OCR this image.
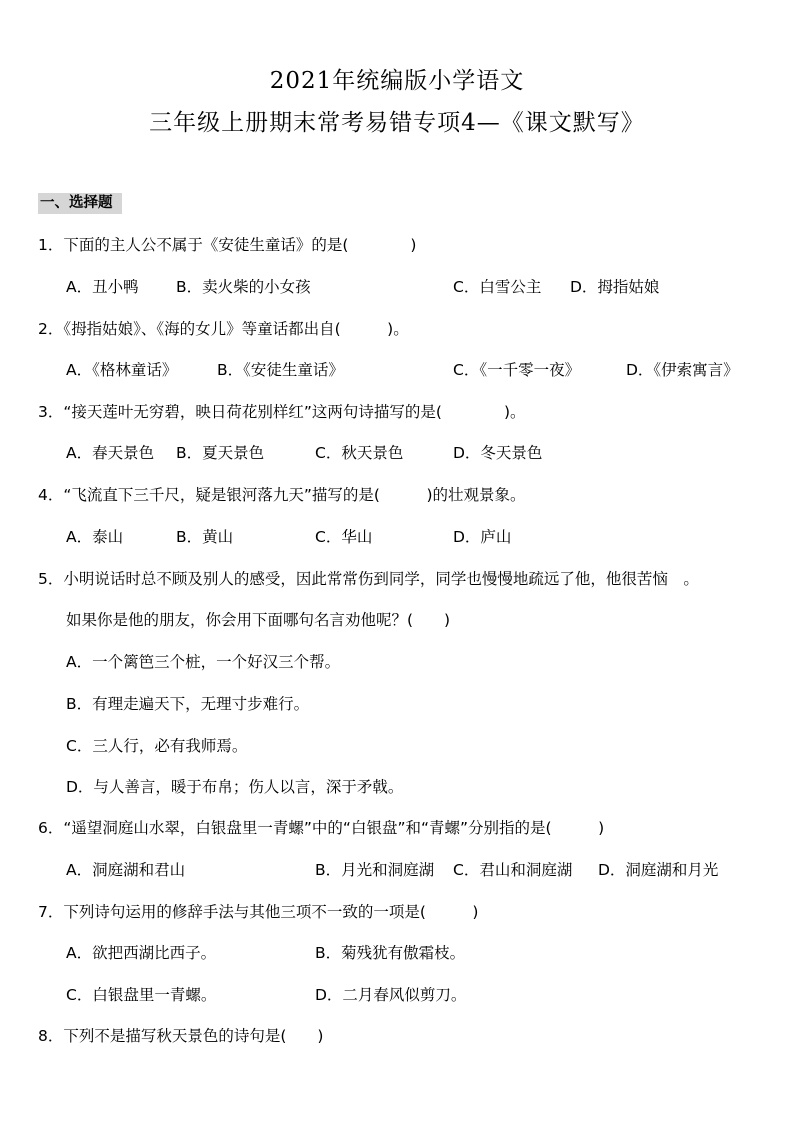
2021年统编版小学语文
三年级上册期末常考易错专项4—《课文默写》
一、选择题
1．下面的主人公不属于《安徒生童话》的是(　　　　)
A．丑小鸭 B．卖火柴的小女孩	C．白雪公主 D．拇指姑娘
2．《拇指姑娘》、《海的女儿》等童话都出自(　　　)。
A．《格林童话》	B．《安徒生童话》	C．《一千零一夜》	D．《伊索寓言》
3．“接天莲叶无穷碧，映日荷花别样红”这两句诗描写的是(　　　　)。
A．春天景色 B．夏天景色	C．秋天景色	D．冬天景色
4．“飞流直下三千尺，疑是银河落九天”描写的是(　　　)的壮观景象。
A．泰山	B．黄山	C．华山	D．庐山
5．小明说话时总不顾及别人的感受，因此常常伤到同学，同学也慢慢地疏远了他，他很苦恼　。
如果你是他的朋友，你会用下面哪句名言劝他呢？(　　)
A．一个篱笆三个桩，一个好汉三个帮。
B．有理走遍天下，无理寸步难行。
C．三人行，必有我师焉。
D．与人善言，暖于布帛；伤人以言，深于矛戟。
6．“遥望洞庭山水翠，白银盘里一青螺”中的“白银盘”和“青螺”分别指的是(　　　)
A．洞庭湖和君山	B．月光和洞庭湖 C．君山和洞庭湖 D．洞庭湖和月光
7．下列诗句运用的修辞手法与其他三项不一致的一项是(　　　)
A．欲把西湖比西子。	B．菊残犹有傲霜枝。
C．白银盘里一青螺。	D．二月春风似剪刀。
8．下列不是描写秋天景色的诗句是(　　)
